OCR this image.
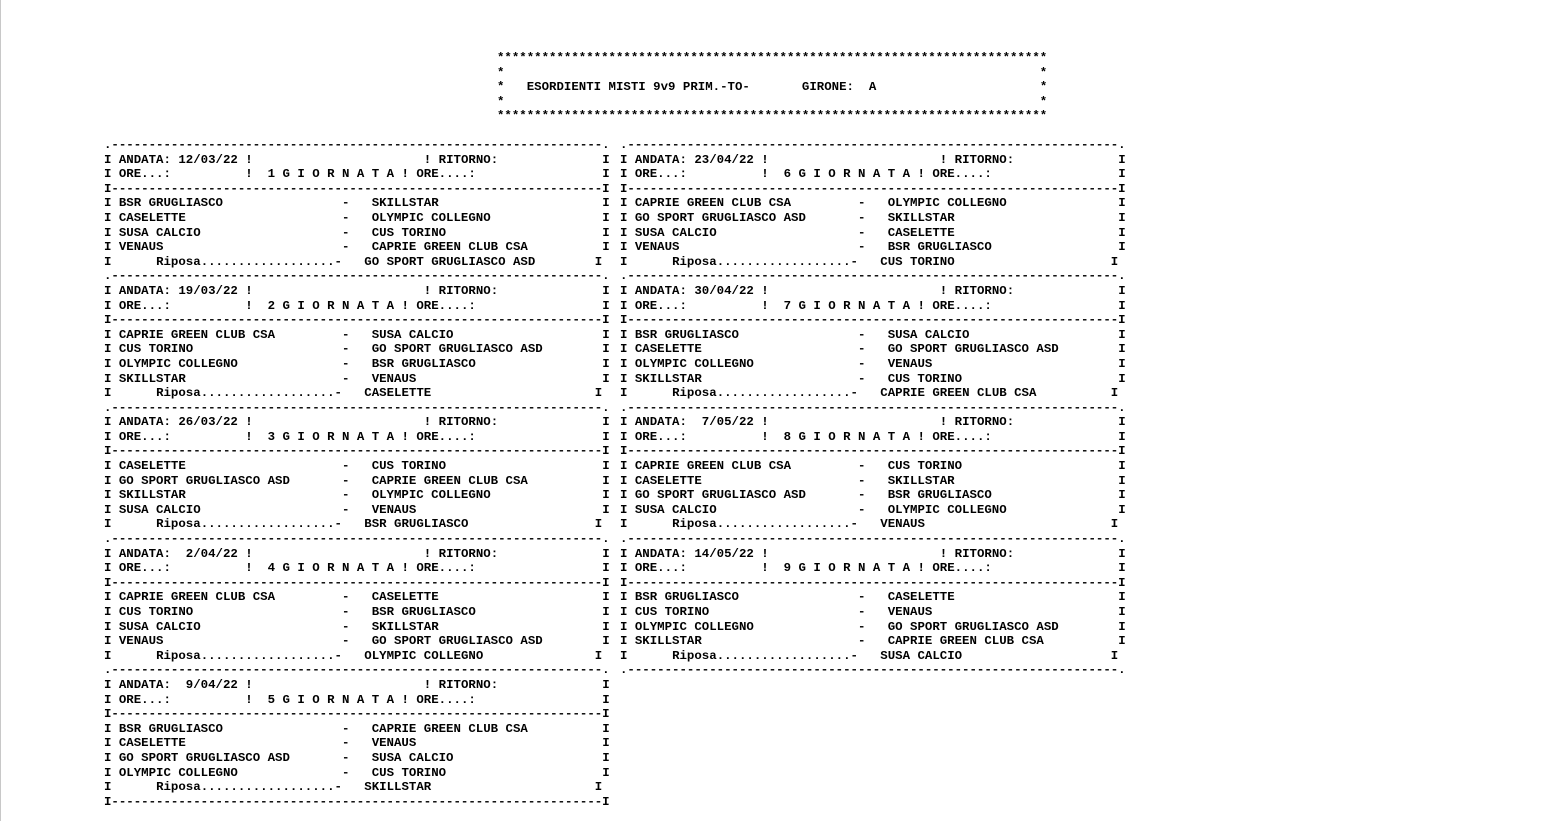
**************************************************************************
*                                                                        *
*   ESORDIENTI MISTI 9v9 PRIM.-TO-	GIRONE: A                      *
*                                                                        *
**************************************************************************
.------------------------------------------------------------------.
I ANDATA: 12/03/22 !                       ! RITORNO:              I
I ORE...:          !  1 G I O R N A T A ! ORE....:                 I
I------------------------------------------------------------------I
I BSR GRUGLIASCO                -   SKILLSTAR                      I
I CASELETTE                     -   OLYMPIC COLLEGNO               I
I SUSA CALCIO                   -   CUS TORINO                     I
I VENAUS                        -   CAPRIE GREEN CLUB CSA          I
I      Riposa..................-   GO SPORT GRUGLIASCO ASD        I
.------------------------------------------------------------------.
I ANDATA: 19/03/22 !                       ! RITORNO:              I
I ORE...:          !  2 G I O R N A T A ! ORE....:                 I
I------------------------------------------------------------------I
I CAPRIE GREEN CLUB CSA         -   SUSA CALCIO                    I
I CUS TORINO                    -   GO SPORT GRUGLIASCO ASD        I
I OLYMPIC COLLEGNO              -   BSR GRUGLIASCO                 I
I SKILLSTAR                     -   VENAUS                         I
I      Riposa..................-   CASELETTE                      I
.------------------------------------------------------------------.
I ANDATA: 26/03/22 !                       ! RITORNO:              I
I ORE...:          !  3 G I O R N A T A ! ORE....:                 I
I------------------------------------------------------------------I
I CASELETTE                     -   CUS TORINO                     I
I GO SPORT GRUGLIASCO ASD       -   CAPRIE GREEN CLUB CSA          I
I SKILLSTAR                     -   OLYMPIC COLLEGNO               I
I SUSA CALCIO                   -   VENAUS                         I
I      Riposa..................-   BSR GRUGLIASCO                 I
.------------------------------------------------------------------.
I ANDATA:  2/04/22 !                       ! RITORNO:              I
I ORE...:          !  4 G I O R N A T A ! ORE....:                 I
I------------------------------------------------------------------I
I CAPRIE GREEN CLUB CSA         -   CASELETTE                      I
I CUS TORINO                    -   BSR GRUGLIASCO                 I
I SUSA CALCIO                   -   SKILLSTAR                      I
I VENAUS                        -   GO SPORT GRUGLIASCO ASD        I
I      Riposa..................-   OLYMPIC COLLEGNO               I
.------------------------------------------------------------------.
I ANDATA:  9/04/22 !                       ! RITORNO:              I
I ORE...:          !  5 G I O R N A T A ! ORE....:                 I
I------------------------------------------------------------------I
I BSR GRUGLIASCO                -   CAPRIE GREEN CLUB CSA          I
I CASELETTE                     -   VENAUS                         I
I GO SPORT GRUGLIASCO ASD       -   SUSA CALCIO                    I
I OLYMPIC COLLEGNO              -   CUS TORINO                     I
I      Riposa..................-   SKILLSTAR                      I
I------------------------------------------------------------------I
.------------------------------------------------------------------.
I ANDATA: 23/04/22 !                       ! RITORNO:              I
I ORE...:          !  6 G I O R N A T A ! ORE....:                 I
I------------------------------------------------------------------I
I CAPRIE GREEN CLUB CSA         -   OLYMPIC COLLEGNO               I
I GO SPORT GRUGLIASCO ASD       -   SKILLSTAR                      I
I SUSA CALCIO                   -   CASELETTE                      I
I VENAUS                        -   BSR GRUGLIASCO                 I
I      Riposa..................-   CUS TORINO                     I
.------------------------------------------------------------------.
I ANDATA: 30/04/22 !                       ! RITORNO:              I
I ORE...:          !  7 G I O R N A T A ! ORE....:                 I
I------------------------------------------------------------------I
I BSR GRUGLIASCO                -   SUSA CALCIO                    I
I CASELETTE                     -   GO SPORT GRUGLIASCO ASD        I
I OLYMPIC COLLEGNO              -   VENAUS                         I
I SKILLSTAR                     -   CUS TORINO                     I
I      Riposa..................-   CAPRIE GREEN CLUB CSA          I
.------------------------------------------------------------------.
I ANDATA:  7/05/22 !                       ! RITORNO:              I
I ORE...:          !  8 G I O R N A T A ! ORE....:                 I
I------------------------------------------------------------------I
I CAPRIE GREEN CLUB CSA         -   CUS TORINO                     I
I CASELETTE                     -   SKILLSTAR                      I
I GO SPORT GRUGLIASCO ASD       -   BSR GRUGLIASCO                 I
I SUSA CALCIO                   -   OLYMPIC COLLEGNO               I
I      Riposa..................-   VENAUS                         I
.------------------------------------------------------------------.
I ANDATA: 14/05/22 !                       ! RITORNO:              I
I ORE...:          !  9 G I O R N A T A ! ORE....:                 I
I------------------------------------------------------------------I
I BSR GRUGLIASCO                -   CASELETTE                      I
I CUS TORINO                    -   VENAUS                         I
I OLYMPIC COLLEGNO              -   GO SPORT GRUGLIASCO ASD        I
I SKILLSTAR                     -   CAPRIE GREEN CLUB CSA          I
I      Riposa..................-   SUSA CALCIO                    I
.------------------------------------------------------------------.
